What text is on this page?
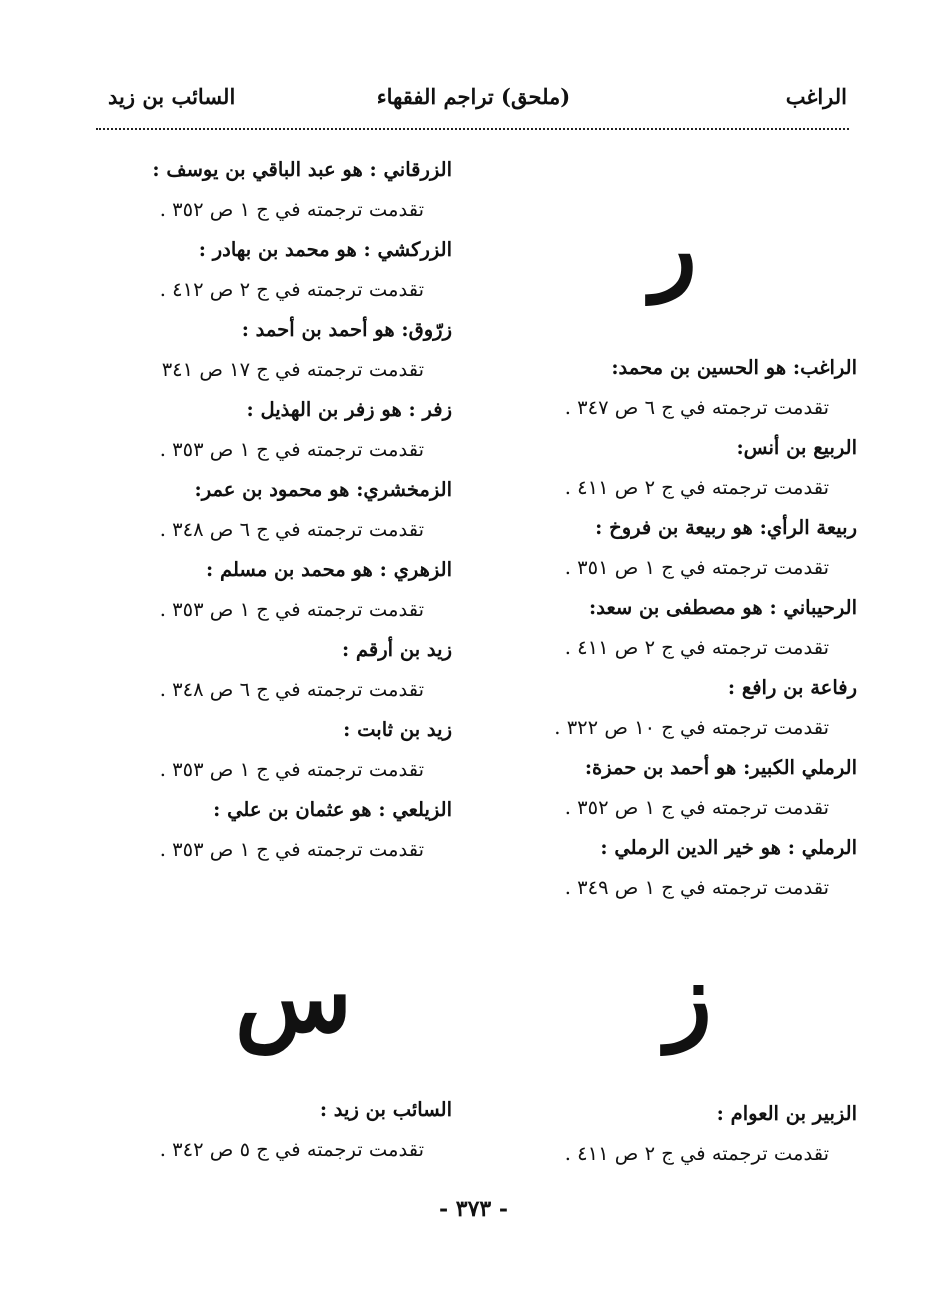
الراغب
(ملحق) تراجم الفقهاء
السائب بن زيد
ر
الراغب: هو الحسين بن محمد:
تقدمت ترجمته في ج ٦ ص ٣٤٧ .
الربيع بن أنس:
تقدمت ترجمته في ج ٢ ص ٤١١ .
ربيعة الرأي: هو ربيعة بن فروخ :
تقدمت ترجمته في ج ١ ص ٣٥١ .
الرحيباني : هو مصطفى بن سعد:
تقدمت ترجمته في ج ٢ ص ٤١١ .
رفاعة بن رافع :
تقدمت ترجمته في ج ١٠ ص ٣٢٢ .
الرملي الكبير: هو أحمد بن حمزة:
تقدمت ترجمته في ج ١ ص ٣٥٢ .
الرملي : هو خير الدين الرملي :
تقدمت ترجمته في ج ١ ص ٣٤٩ .
ز
الزبير بن العوام :
تقدمت ترجمته في ج ٢ ص ٤١١ .
الزرقاني : هو عبد الباقي بن يوسف :
تقدمت ترجمته في ج ١ ص ٣٥٢ .
الزركشي : هو محمد بن بهادر :
تقدمت ترجمته في ج ٢ ص ٤١٢ .
زرّوق: هو أحمد بن أحمد :
تقدمت ترجمته في ج ١٧ ص ٣٤١
زفر : هو زفر بن الهذيل :
تقدمت ترجمته في ج ١ ص ٣٥٣ .
الزمخشري: هو محمود بن عمر:
تقدمت ترجمته في ج ٦ ص ٣٤٨ .
الزهري : هو محمد بن مسلم :
تقدمت ترجمته في ج ١ ص ٣٥٣ .
زيد بن أرقم :
تقدمت ترجمته في ج ٦ ص ٣٤٨ .
زيد بن ثابت :
تقدمت ترجمته في ج ١ ص ٣٥٣ .
الزيلعي : هو عثمان بن علي :
تقدمت ترجمته في ج ١ ص ٣٥٣ .
س
السائب بن زيد :
تقدمت ترجمته في ج ٥ ص ٣٤٢ .
- ٣٧٣ -
